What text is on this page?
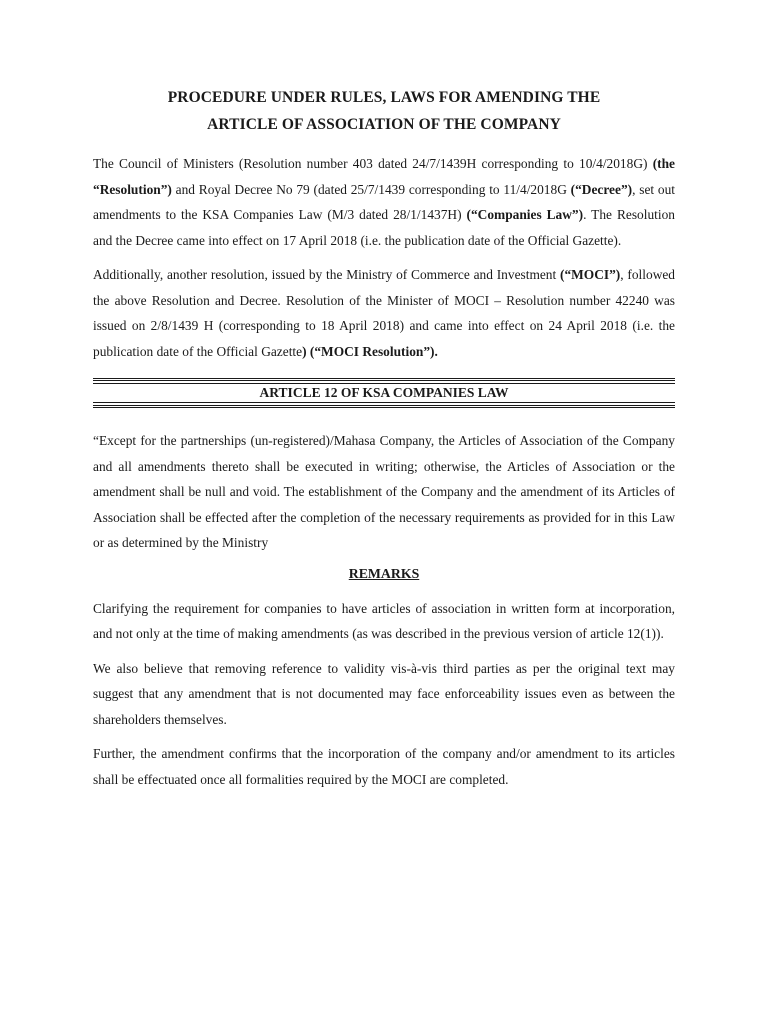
PROCEDURE UNDER RULES, LAWS FOR AMENDING THE
ARTICLE OF ASSOCIATION OF THE COMPANY

The Council of Ministers (Resolution number 403 dated 24/7/1439H corresponding to 10/4/2018G) (the “Resolution”) and Royal Decree No 79 (dated 25/7/1439 corresponding to 11/4/2018G (“Decree”), set out amendments to the KSA Companies Law (M/3 dated 28/1/1437H) (“Companies Law”). The Resolution and the Decree came into effect on 17 April 2018 (i.e. the publication date of the Official Gazette).

Additionally, another resolution, issued by the Ministry of Commerce and Investment (“MOCI”), followed the above Resolution and Decree. Resolution of the Minister of MOCI – Resolution number 42240 was issued on 2/8/1439 H (corresponding to 18 April 2018) and came into effect on 24 April 2018 (i.e. the publication date of the Official Gazette) (“MOCI Resolution”).

ARTICLE 12 OF KSA COMPANIES LAW

“Except for the partnerships (un-registered)/Mahasa Company, the Articles of Association of the Company and all amendments thereto shall be executed in writing; otherwise, the Articles of Association or the amendment shall be null and void. The establishment of the Company and the amendment of its Articles of Association shall be effected after the completion of the necessary requirements as provided for in this Law or as determined by the Ministry

REMARKS

Clarifying the requirement for companies to have articles of association in written form at incorporation, and not only at the time of making amendments (as was described in the previous version of article 12(1)).

We also believe that removing reference to validity vis-à-vis third parties as per the original text may suggest that any amendment that is not documented may face enforceability issues even as between the shareholders themselves.

Further, the amendment confirms that the incorporation of the company and/or amendment to its articles shall be effectuated once all formalities required by the MOCI are completed.
